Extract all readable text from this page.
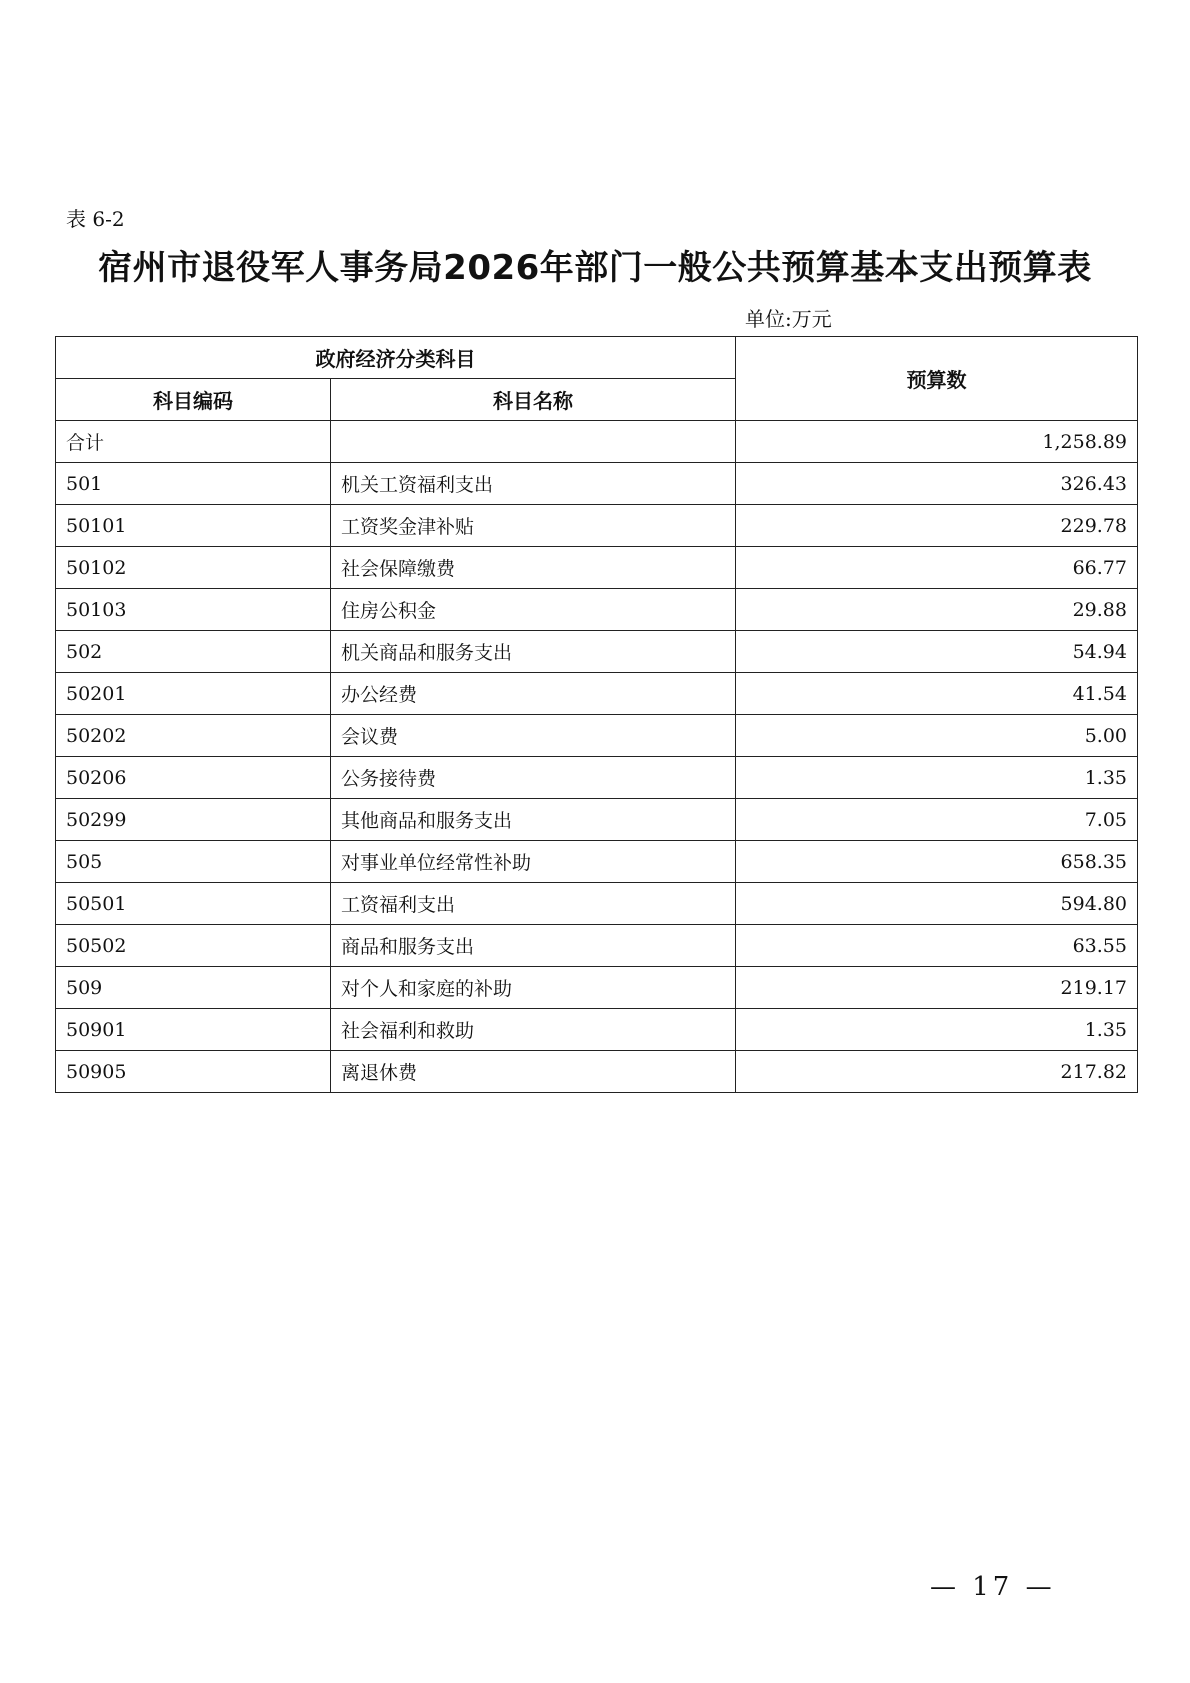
表 6-2
宿州市退役军人事务局2026年部门一般公共预算基本支出预算表
单位:万元
政府经济分类科目		预算数
科目编码	科目名称	
合计		1,258.89
501	机关工资福利支出	326.43
50101	工资奖金津补贴	229.78
50102	社会保障缴费	66.77
50103	住房公积金	29.88
502	机关商品和服务支出	54.94
50201	办公经费	41.54
50202	会议费	5.00
50206	公务接待费	1.35
50299	其他商品和服务支出	7.05
505	对事业单位经常性补助	658.35
50501	工资福利支出	594.80
50502	商品和服务支出	63.55
509	对个人和家庭的补助	219.17
50901	社会福利和救助	1.35
50905	离退休费	217.82
— 17 —
